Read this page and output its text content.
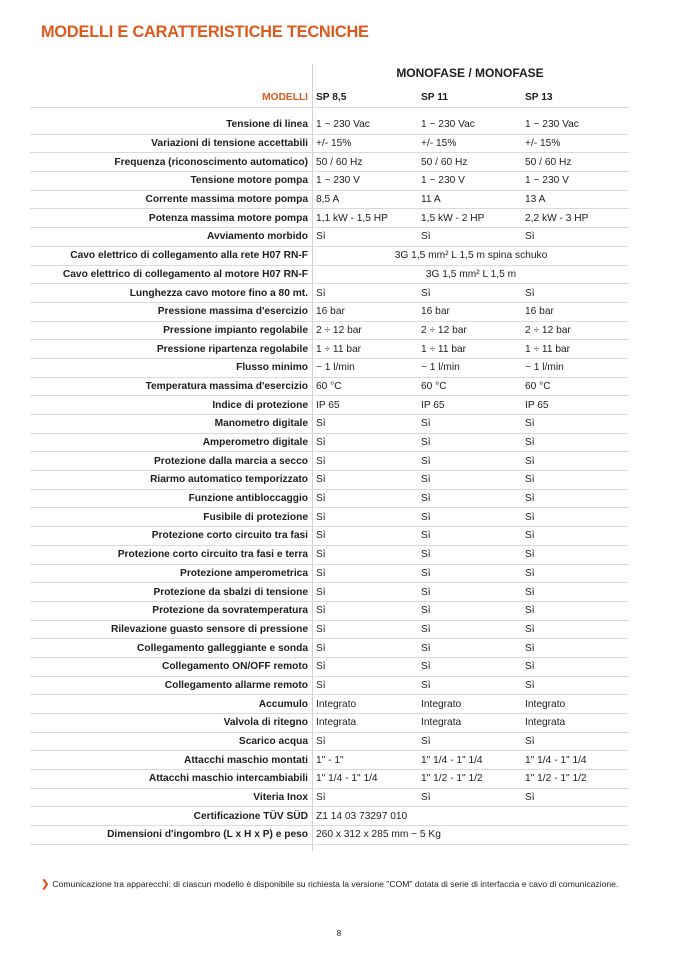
MODELLI E CARATTERISTICHE TECNICHE
MONOFASE / MONOFASE
MODELLI	SP 8,5	SP 11	SP 13

Tensione di linea	1 ~ 230 Vac	1 ~ 230 Vac	1 ~ 230 Vac
Variazioni di tensione accettabili	+/- 15%	+/- 15%	+/- 15%
Frequenza (riconoscimento automatico)	50 / 60 Hz	50 / 60 Hz	50 / 60 Hz
Tensione motore pompa	1 ~ 230 V	1 ~ 230 V	1 ~ 230 V
Corrente massima motore pompa	8,5 A	11 A	13 A
Potenza massima motore pompa	1,1 kW - 1,5 HP	1,5 kW - 2 HP	2,2 kW - 3 HP
Avviamento morbido	Sì	Sì	Sì
Cavo elettrico di collegamento alla rete H07 RN-F	3G 1,5 mm² L 1,5 m spina schuko		
Cavo elettrico di collegamento al motore H07 RN-F	3G 1,5 mm² L 1,5 m		
Lunghezza cavo motore fino a 80 mt.	Sì	Sì	Sì
Pressione massima d'esercizio	16 bar	16 bar	16 bar
Pressione impianto regolabile	2 ÷ 12 bar	2 ÷ 12 bar	2 ÷ 12 bar
Pressione ripartenza regolabile	1 ÷ 11 bar	1 ÷ 11 bar	1 ÷ 11 bar
Flusso minimo	~ 1 l/min	~ 1 l/min	~ 1 l/min
Temperatura massima d'esercizio	60 °C	60 °C	60 °C
Indice di protezione	IP 65	IP 65	IP 65
Manometro digitale	Sì	Sì	Sì
Amperometro digitale	Sì	Sì	Sì
Protezione dalla marcia a secco	Sì	Sì	Sì
Riarmo automatico temporizzato	Sì	Sì	Sì
Funzione antibloccaggio	Sì	Sì	Sì
Fusibile di protezione	Sì	Sì	Sì
Protezione corto circuito tra fasi	Sì	Sì	Sì
Protezione corto circuito tra fasi e terra	Sì	Sì	Sì
Protezione amperometrica	Sì	Sì	Sì
Protezione da sbalzi di tensione	Sì	Sì	Sì
Protezione da sovratemperatura	Sì	Sì	Sì
Rilevazione guasto sensore di pressione	Sì	Sì	Sì
Collegamento galleggiante e sonda	Sì	Sì	Sì
Collegamento ON/OFF remoto	Sì	Sì	Sì
Collegamento allarme remoto	Sì	Sì	Sì
Accumulo	Integrato	Integrato	Integrato
Valvola di ritegno	Integrata	Integrata	Integrata
Scarico acqua	Sì	Sì	Sì
Attacchi maschio montati	1" - 1"	1" 1/4 - 1" 1/4	1" 1/4 - 1" 1/4
Attacchi maschio intercambiabili	1" 1/4 - 1" 1/4	1" 1/2 - 1" 1/2	1" 1/2 - 1" 1/2
Viteria Inox	Sì	Sì	Sì
Certificazione TÜV SÜD	Z1 14 03 73297 010		
Dimensioni d'ingombro (L x H x P) e peso	260 x 312 x 285 mm ~ 5 Kg		
❯ Comunicazione tra apparecchi: di ciascun modello è disponibile su richiesta la versione "COM" dotata di serie di interfaccia e cavo di comunicazione.
8
